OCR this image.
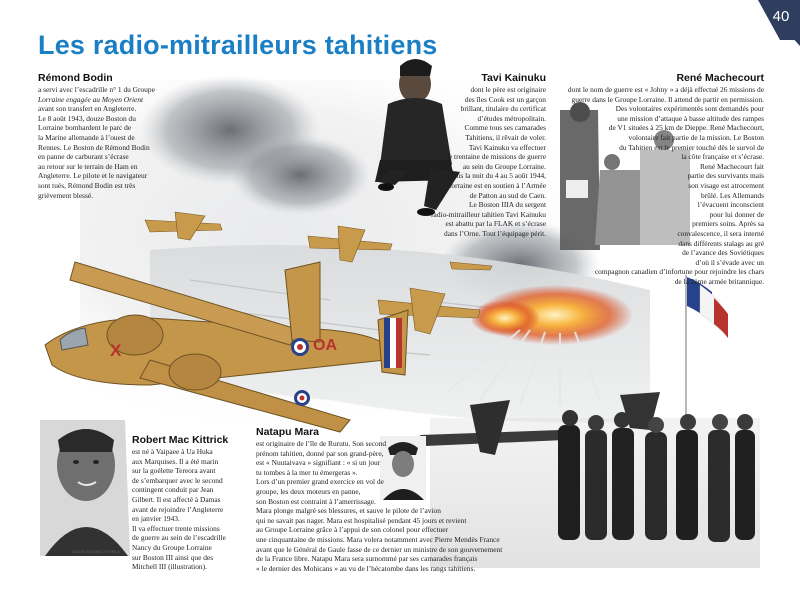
Les radio-mitrailleurs tahitiens
40

Rémond Bodin

a servi avec l’escadrille n° 1 du Groupe

Lorraine engagée au Moyen Orient

avant son transfert en Angleterre.

Le 8 août 1943, douze Boston du

Lorraine bombardent le parc de

la Marine allemande à l’ouest de

Rennes. Le Boston de Rémond Bodin

en panne de carburant s’écrase

au retour sur le terrain de Ham en

Angleterre. Le pilote et le navigateur

sont tués, Rémond Bodin est très

grièvement blessé.

Tavi Kainuku

dont le père est originaire

des îles Cook est un garçon

brillant, titulaire du certificat

d’études métropolitain.

Comme tous ses camarades

Tahitiens, il rêvait de voler.

Tavi Kainuku va effectuer

une trentaine de missions de guerre

au sein du Groupe Lorraine.

Dans la nuit du 4 au 5 août 1944,

le Lorraine est en soutien à l’Armée

de Patton au sud de Caen.

Le Boston IIIA du sergent

radio-mitrailleur tahitien Tavi Kainuku

est abattu par la FLAK et s’écrase

dans l’Orne. Tout l’équipage périt.

René Machecourt

dont le nom de guerre est « Johny » a déjà effectué 26 missions de

guerre dans le Groupe Lorraine. Il attend de partir en permission.

Des volontaires expérimentés sont demandés pour

une mission d’attaque à basse altitude des rampes

de V1 situées à 25 km de Dieppe. René Machecourt,

volontaire fait partie de la mission. Le Boston

du Tahitien est le premier touché dès le survol de

la côte française et s’écrase.

René Machecourt fait

partie des survivants mais

son visage est atrocement

brûlé. Les Allemands

l’évacuent inconscient

pour lui donner de

premiers soins. Après sa

convalescence, il sera interné

dans différents stalags au gré

de l’avance des Soviétiques

d’où il s’évade avec un

compagnon canadien d’infortune pour rejoindre les chars

de la 2ème armée britannique.

X	OA

Robert Mac Kittrick

est né à Vaipaee à Ua Huka

aux Marquises. Il a été marin

sur la goélette Tereora avant

de s’embarquer avec le second

contingent conduit par Jean

Gilbert. Il est affecté à Damas

avant de rejoindre l’Angleterre

en janvier 1943.

Il va effectuer trente missions

de guerre au sein de l’escadrille

Nancy du Groupe Lorraine

sur Boston III ainsi que des

Mitchell III (illustration).

COLLECTION MAC KITTRICK

Natapu Mara

est originaire de l’île de Rurutu. Son second

prénom tahitien, donné par son grand-père,

est « Nuutaivava » signifiant : « si un jour

tu tombes à la mer tu émergeras ».

Lors d’un premier grand exercice en vol de

groupe, les deux moteurs en panne,

son Boston est contraint à l’amerrissage.

Mara plonge malgré ses blessures, et sauve le pilote de l’avion

qui ne savait pas nager. Mara est hospitalisé pendant 45 jours et revient

au Groupe Lorraine grâce à l’appui de son colonel pour effectuer

une cinquantaine de missions. Mara volera notamment avec Pierre Mendès France

avant que le Général de Gaule fasse de ce dernier un ministre de son gouvernement

de la France libre. Natapu Mara sera surnommé par ses camarades français

« le dernier des Mohicans » au vu de l’hécatombe dans les rangs tahitiens.
